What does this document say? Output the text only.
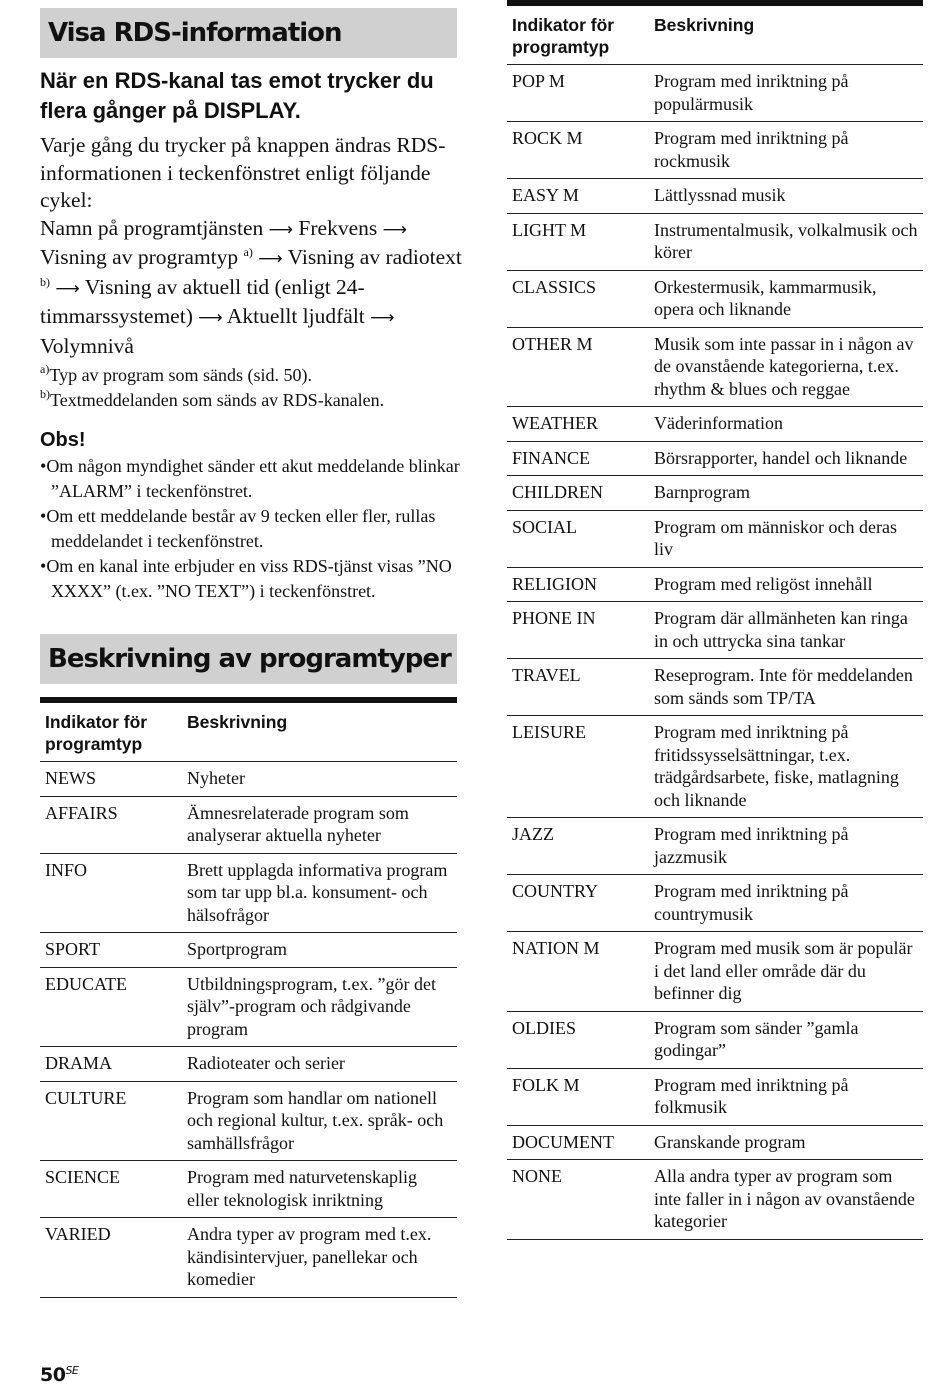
Visa RDS-information
När en RDS-kanal tas emot trycker du flera gånger på DISPLAY.

Varje gång du trycker på knappen ändras RDS-informationen i teckenfönstret enligt följande cykel:

Namn på programtjänsten ⟶ Frekvens ⟶ Visning av programtyp $^{a)}$ ⟶ Visning av radiotext $^{b)}$ ⟶ Visning av aktuell tid (enligt 24-timmarssystemet) ⟶ Aktuellt ljudfält ⟶ Volymnivå

$^{a)}$Typ av program som sänds (sid. 50).

$^{b)}$Textmeddelanden som sänds av RDS-kanalen.

Obs!
•Om någon myndighet sänder ett akut meddelande blinkar ”ALARM” i teckenfönstret.
•Om ett meddelande består av 9 tecken eller fler, rullas meddelandet i teckenfönstret.
•Om en kanal inte erbjuder en viss RDS-tjänst visas ”NO XXXX” (t.ex. ”NO TEXT”) i teckenfönstret.
Beskrivning av programtyper
Indikator för programtyp	Beskrivning
NEWS	Nyheter
AFFAIRS	Ämnesrelaterade program som analyserar aktuella nyheter
INFO	Brett upplagda informativa program som tar upp bl.a. konsument- och hälsofrågor
SPORT	Sportprogram
EDUCATE	Utbildningsprogram, t.ex. ”gör det själv”-program och rådgivande program
DRAMA	Radioteater och serier
CULTURE	Program som handlar om nationell och regional kultur, t.ex. språk- och samhällsfrågor
SCIENCE	Program med naturvetenskaplig eller teknologisk inriktning
VARIED	Andra typer av program med t.ex. kändisintervjuer, panellekar och komedier
Indikator för programtyp	Beskrivning
POP M	Program med inriktning på populärmusik
ROCK M	Program med inriktning på rockmusik
EASY M	Lättlyssnad musik
LIGHT M	Instrumentalmusik, volkalmusik och körer
CLASSICS	Orkestermusik, kammarmusik, opera och liknande
OTHER M	Musik som inte passar in i någon av de ovanstående kategorierna, t.ex. rhythm & blues och reggae
WEATHER	Väderinformation
FINANCE	Börsrapporter, handel och liknande
CHILDREN	Barnprogram
SOCIAL	Program om människor och deras liv
RELIGION	Program med religöst innehåll
PHONE IN	Program där allmänheten kan ringa in och uttrycka sina tankar
TRAVEL	Reseprogram. Inte för meddelanden som sänds som TP/TA
LEISURE	Program med inriktning på fritidssysselsättningar, t.ex. trädgårdsarbete, fiske, matlagning och liknande
JAZZ	Program med inriktning på jazzmusik
COUNTRY	Program med inriktning på countrymusik
NATION M	Program med musik som är populär i det land eller område där du befinner dig
OLDIES	Program som sänder ”gamla godingar”
FOLK M	Program med inriktning på folkmusik
DOCUMENT	Granskande program
NONE	Alla andra typer av program som inte faller in i någon av ovanstående kategorier
$50^{SE}$
